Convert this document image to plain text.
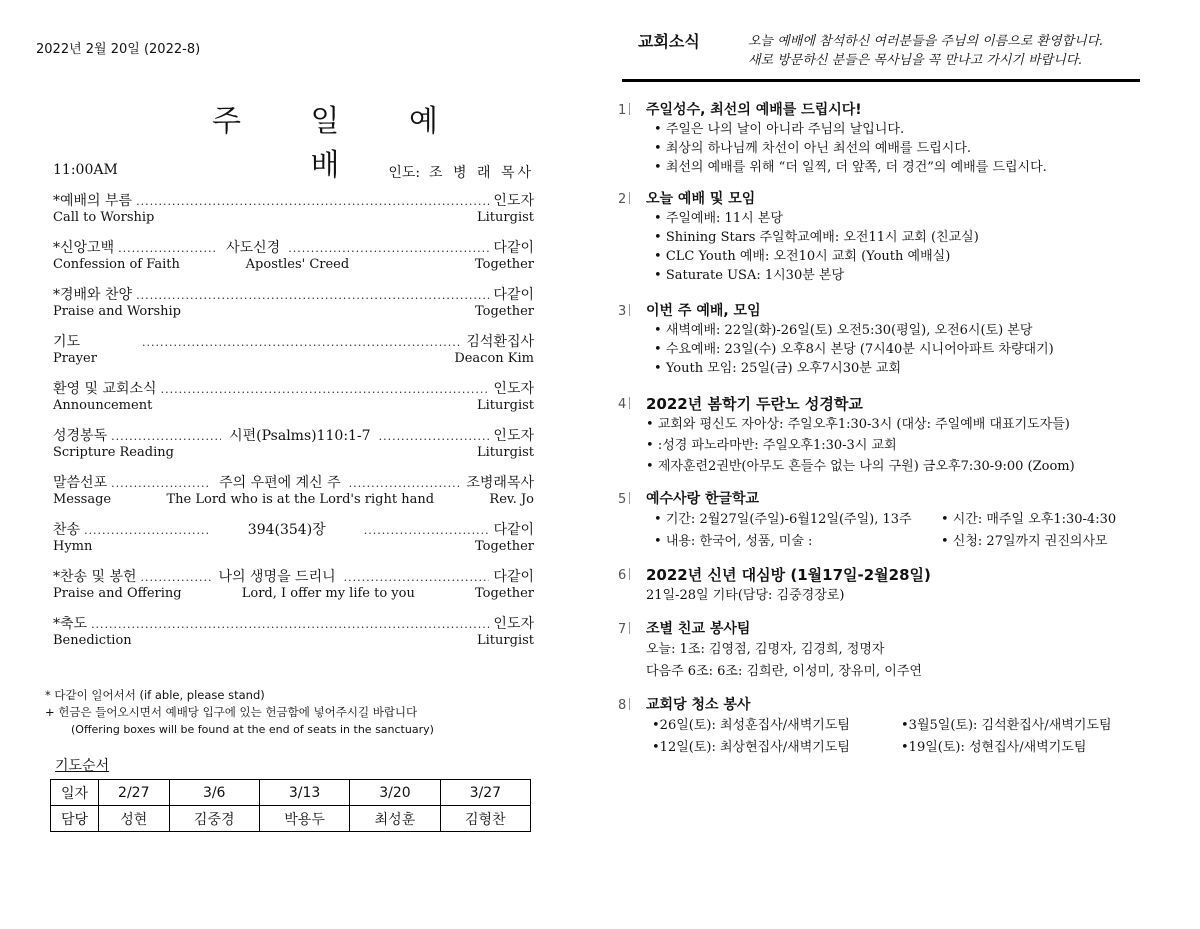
2022년 2월 20일 (2022-8)
주 일 예 배
11:00AM	인도: 조 병 래 목사
*예배의 부름 .....	인도자
Call to Worship	Liturgist
*신앙고백 .....	사도신경 .....	다같이
Confession of Faith	Apostles' Creed	Together
*경배와 찬양 .....	다같이
Praise and Worship	Together
기도 .....	김석환집사
Prayer	Deacon Kim
환영 및 교회소식 .....	인도자
Announcement	Liturgist
성경봉독 .....	시편(Psalms)110:1-7 .....	인도자
Scripture Reading	Liturgist
말씀선포 .....	주의 우편에 계신 주 .....	조병래목사
Message	The Lord who is at the Lord's right hand	Rev. Jo
찬송 .....	394(354)장 .....	다같이
Hymn	Together
*찬송 및 봉헌 .....	나의 생명을 드리니 .....	다같이
Praise and Offering	Lord, I offer my life to you	Together
*축도 .....	인도자
Benediction	Liturgist
* 다같이 일어서서 (if able, please stand)
+ 헌금은 들어오시면서 예배당 입구에 있는 헌금함에 넣어주시길 바랍니다
(Offering boxes will be found at the end of seats in the sanctuary)
기도순서
일자	2/27	3/6	3/13	3/20	3/27
담당	성현	김중경	박용두	최성훈	김형찬
교회소식	오늘 예배에 참석하신 여러분들을 주님의 이름으로 환영합니다.
새로 방문하신 분들은 목사님을 꼭 만나고 가시기 바랍니다.
1	주일성수, 최선의 예배를 드립시다!
• 주일은 나의 날이 아니라 주님의 날입니다.
• 최상의 하나님께 차선이 아닌 최선의 예배를 드립시다.
• 최선의 예배를 위해 “더 일찍, 더 앞쪽, 더 경건”의 예배를 드립시다.
2	오늘 예배 및 모임
• 주일예배: 11시 본당
• Shining Stars 주일학교예배: 오전11시 교회 (친교실)
• CLC Youth 예배: 오전10시 교회 (Youth 예배실)
• Saturate USA: 1시30분 본당
3	이번 주 예배, 모임
• 새벽예배: 22일(화)-26일(토) 오전5:30(평일), 오전6시(토) 본당
• 수요예배: 23일(수) 오후8시 본당 (7시40분 시니어아파트 차량대기)
• Youth 모임: 25일(금) 오후7시30분 교회
4	2022년 봄학기 두란노 성경학교
• 교회와 평신도 자아상: 주일오후1:30-3시 (대상: 주일예배 대표기도자들)
• :성경 파노라마반: 주일오후1:30-3시 교회
• 제자훈련2권반(아무도 흔들수 없는 나의 구원) 금오후7:30-9:00 (Zoom)
5	예수사랑 한글학교
• 기간: 2월27일(주일)-6월12일(주일), 13주	• 시간: 매주일 오후1:30-4:30
• 내용: 한국어, 성품, 미술 :	• 신청: 27일까지 권진의사모
6	2022년 신년 대심방 (1월17일-2월28일)
21일-28일 기타(담당: 김중경장로)
7	조별 친교 봉사팀
오늘: 1조: 김영점, 김명자, 김경희, 정명자
다음주 6조: 6조: 김희란, 이성미, 장유미, 이주연
8	교회당 청소 봉사
•26일(토): 최성훈집사/새벽기도팀	•3월5일(토): 김석환집사/새벽기도팀
•12일(토): 최상현집사/새벽기도팀	•19일(토): 성현집사/새벽기도팀
